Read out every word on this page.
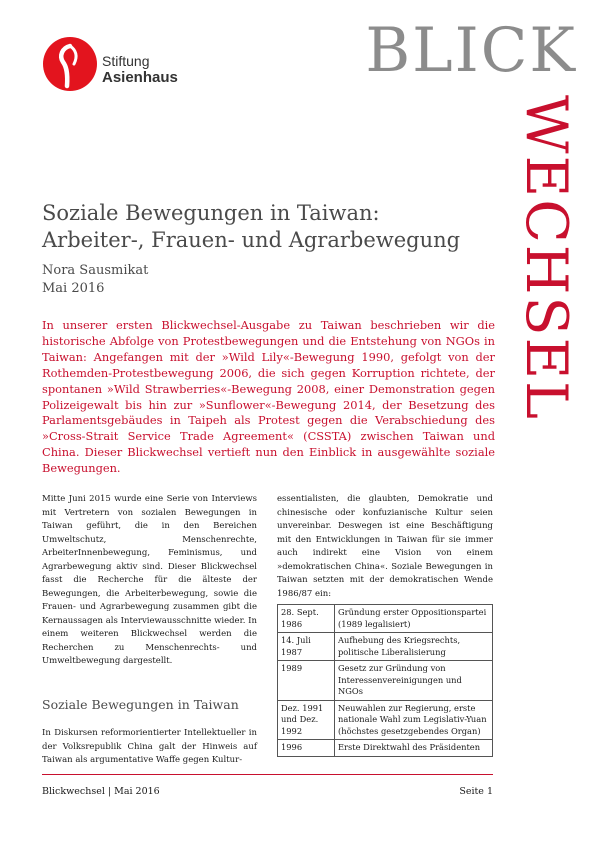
Stiftung
Asienhaus	BLICK
WECHSEL
Soziale Bewegungen in Taiwan:
Arbeiter-, Frauen- und Agrarbewegung
Nora Sausmikat
Mai 2016
In unserer ersten Blickwechsel-Ausgabe zu Taiwan beschrieben wir die historische Abfolge von Protestbewegungen und die Entstehung von NGOs in Taiwan: Angefangen mit der »Wild Lily«-Bewegung 1990, gefolgt von der Rothemden-Protestbewegung 2006, die sich gegen Korruption richtete, der spontanen »Wild Strawberries«-Bewegung 2008, einer Demonstration gegen Polizeigewalt bis hin zur »Sunflower«-Bewegung 2014, der Besetzung des Parlamentsgebäudes in Taipeh als Protest gegen die Verabschiedung des »Cross-Strait Service Trade Agreement« (CSSTA) zwischen Taiwan und China. Dieser Blickwechsel vertieft nun den Einblick in ausgewählte soziale Bewegungen.
Mitte Juni 2015 wurde eine Serie von Interviews mit Vertretern von sozialen Bewegungen in Taiwan geführt, die in den Bereichen Umweltschutz, Menschenrechte, ArbeiterInnenbewegung, Feminismus, und Agrarbewegung aktiv sind. Dieser Blickwechsel fasst die Recherche für die älteste der Bewegungen, die Arbeiterbewegung, sowie die Frauen- und Agrarbewegung zusammen gibt die Kernaussagen als Interviewausschnitte wieder. In einem weiteren Blickwechsel werden die Recherchen zu Menschenrechts- und Umweltbewegung dargestellt.
Soziale Bewegungen in Taiwan
In Diskursen reformorientierter Intellektueller in der Volksrepublik China galt der Hinweis auf Taiwan als argumentative Waffe gegen Kultur-
essentialisten, die glaubten, Demokratie und chinesische oder konfuzianische Kultur seien unvereinbar. Deswegen ist eine Beschäftigung mit den Entwicklungen in Taiwan für sie immer auch indirekt eine Vision von einem »demokratischen China«. Soziale Bewegungen in Taiwan setzten mit der demokratischen Wende 1986/87 ein:
28. Sept. 1986	Gründung erster Oppositionspartei (1989 legalisiert)
14. Juli 1987	Aufhebung des Kriegsrechts, politische Liberalisierung
1989	Gesetz zur Gründung von Interessenvereinigungen und NGOs
Dez. 1991 und Dez. 1992	Neuwahlen zur Regierung, erste nationale Wahl zum Legislativ-Yuan (höchstes gesetzgebendes Organ)
1996	Erste Direktwahl des Präsidenten
Blickwechsel | Mai 2016	Seite 1
